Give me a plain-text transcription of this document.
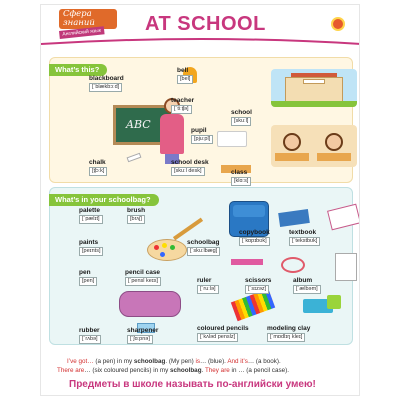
Сфера знаний
Английский язык AT SCHOOL
What’s this?
ABC
blackboard
[ˈblækbɔːd]
bell
[bel]
teacher
[ˈtiːʧə]
pupil
[pjuːpl]
school
[skuːl]
chalk
[ʧɔːk]
school desk
[skuːl desk]	class
[klɑːs]
What’s in your schoolbag?
palette
[ˈpælɪt]
brush
[brʌʃ]
paints
[peɪnts]
pen
[pen]
pencil case
[ˈpensl keɪs]
rubber
[ˈrʌbə]
sharpener
[ˈʃɑːpnə]
schoolbag
[ˈskuːlbæg]
copybook
[ˈkɒpɪbʊk]
textbook
[ˈtekstbʊk]
ruler
[ˈruːlə]
scissors
[ˈsɪzəz]
album
[ˈælbəm]
coloured pencils
[ˈkʌləd penslz]
modeling clay
[ˈmɒdlɪŋ kleɪ]
I’ve got… (a pen) in my schoolbag. (My pen) is… (blue). And it’s… (a book).
There are… (six coloured pencils) in my schoolbag. They are in … (a pencil case).
Предметы в школе называть по-английски умею!
